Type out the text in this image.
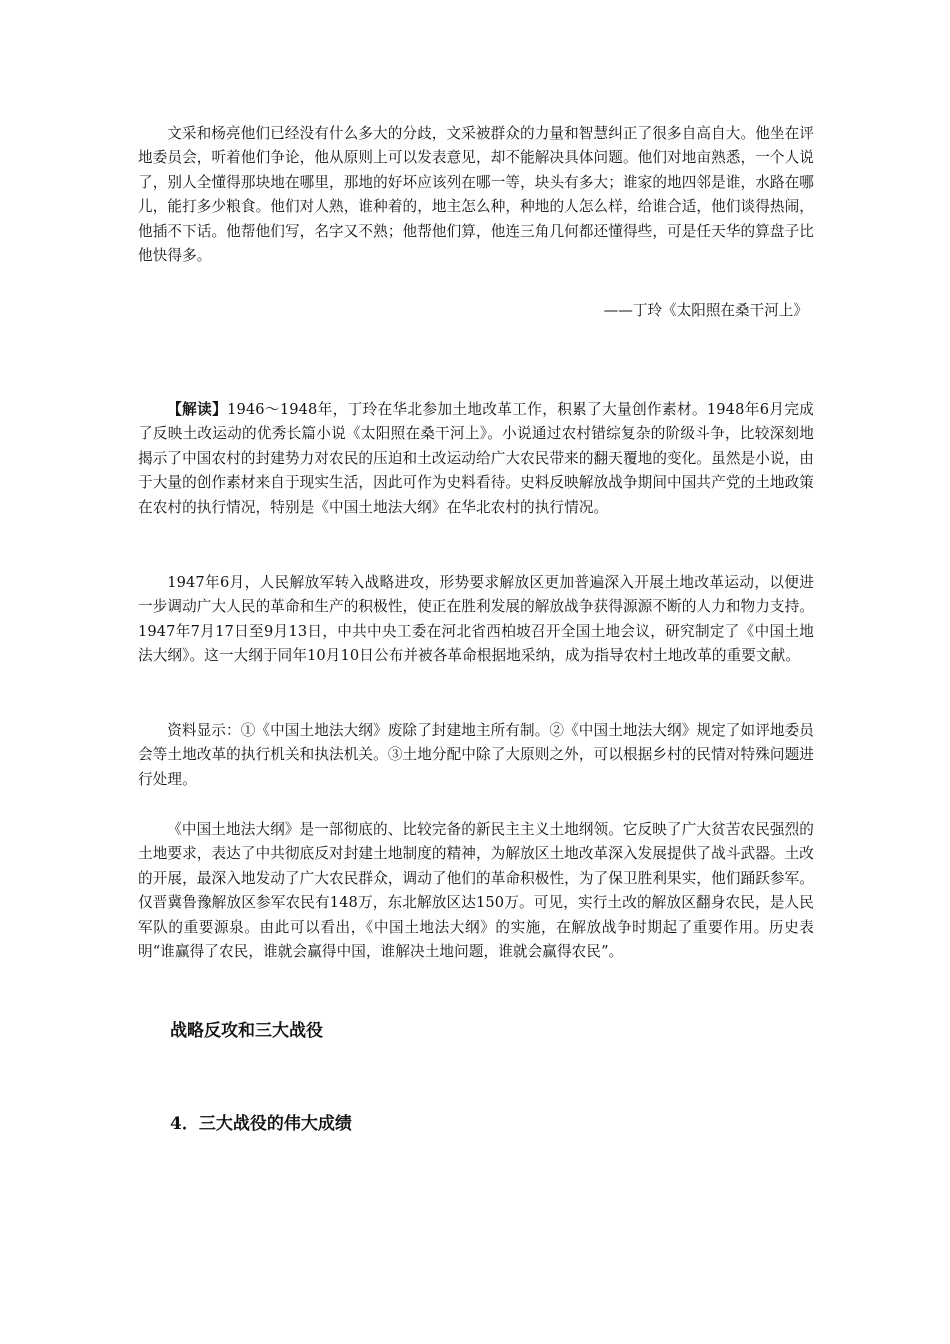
文采和杨亮他们已经没有什么多大的分歧，文采被群众的力量和智慧纠正了很多自高自大。他坐在评地委员会，听着他们争论，他从原则上可以发表意见，却不能解决具体问题。他们对地亩熟悉，一个人说了，别人全懂得那块地在哪里，那地的好坏应该列在哪一等，块头有多大；谁家的地四邻是谁，水路在哪儿，能打多少粮食。他们对人熟，谁种着的，地主怎么种，种地的人怎么样，给谁合适，他们谈得热闹，他插不下话。他帮他们写，名字又不熟；他帮他们算，他连三角几何都还懂得些，可是任天华的算盘子比他快得多。

——丁玲《太阳照在桑干河上》

【解读】1946～1948年，丁玲在华北参加土地改革工作，积累了大量创作素材。1948年6月完成了反映土改运动的优秀长篇小说《太阳照在桑干河上》。小说通过农村错综复杂的阶级斗争，比较深刻地揭示了中国农村的封建势力对农民的压迫和土改运动给广大农民带来的翻天覆地的变化。虽然是小说，由于大量的创作素材来自于现实生活，因此可作为史料看待。史料反映解放战争期间中国共产党的土地政策在农村的执行情况，特别是《中国土地法大纲》在华北农村的执行情况。

1947年6月，人民解放军转入战略进攻，形势要求解放区更加普遍深入开展土地改革运动，以便进一步调动广大人民的革命和生产的积极性，使正在胜利发展的解放战争获得源源不断的人力和物力支持。1947年7月17日至9月13日，中共中央工委在河北省西柏坡召开全国土地会议，研究制定了《中国土地法大纲》。这一大纲于同年10月10日公布并被各革命根据地采纳，成为指导农村土地改革的重要文献。

资料显示：①《中国土地法大纲》废除了封建地主所有制。②《中国土地法大纲》规定了如评地委员会等土地改革的执行机关和执法机关。③土地分配中除了大原则之外，可以根据乡村的民情对特殊问题进行处理。

《中国土地法大纲》是一部彻底的、比较完备的新民主主义土地纲领。它反映了广大贫苦农民强烈的土地要求，表达了中共彻底反对封建土地制度的精神，为解放区土地改革深入发展提供了战斗武器。土改的开展，最深入地发动了广大农民群众，调动了他们的革命积极性，为了保卫胜利果实，他们踊跃参军。仅晋冀鲁豫解放区参军农民有148万，东北解放区达150万。可见，实行土改的解放区翻身农民，是人民军队的重要源泉。由此可以看出，《中国土地法大纲》的实施，在解放战争时期起了重要作用。历史表明“谁赢得了农民，谁就会赢得中国，谁解决土地问题，谁就会赢得农民”。

战略反攻和三大战役
4．三大战役的伟大成绩
